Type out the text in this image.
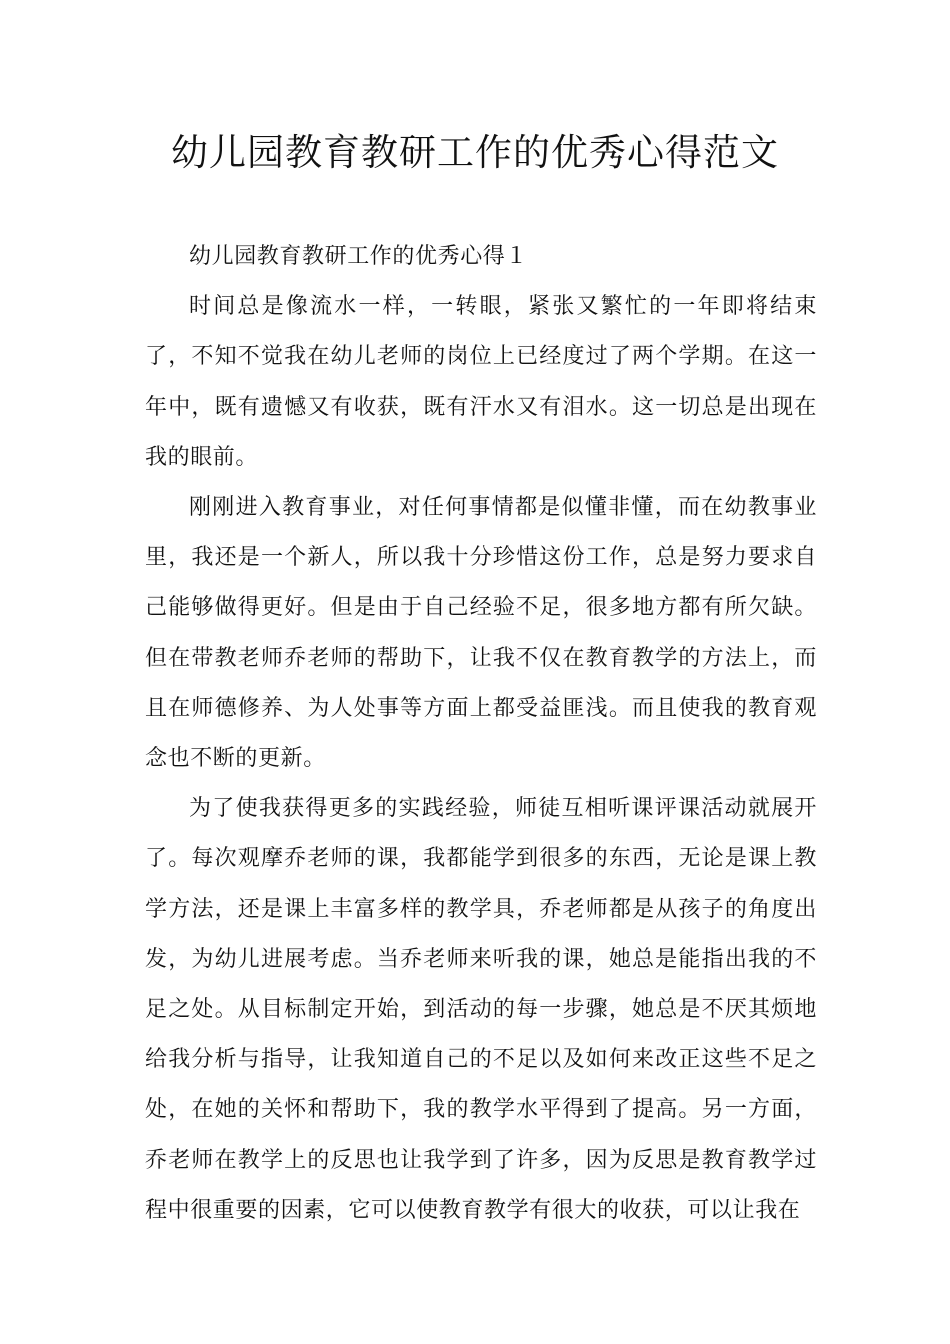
幼儿园教育教研工作的优秀心得范文

幼儿园教育教研工作的优秀心得１

时间总是像流水一样，一转眼，紧张又繁忙的一年即将结束了，不知不觉我在幼儿老师的岗位上已经度过了两个学期。在这一年中，既有遗憾又有收获，既有汗水又有泪水。这一切总是出现在我的眼前。

刚刚进入教育事业，对任何事情都是似懂非懂，而在幼教事业里，我还是一个新人，所以我十分珍惜这份工作，总是努力要求自己能够做得更好。但是由于自己经验不足，很多地方都有所欠缺。但在带教老师乔老师的帮助下，让我不仅在教育教学的方法上，而且在师德修养、为人处事等方面上都受益匪浅。而且使我的教育观念也不断的更新。

为了使我获得更多的实践经验，师徒互相听课评课活动就展开了。每次观摩乔老师的课，我都能学到很多的东西，无论是课上教学方法，还是课上丰富多样的教学具，乔老师都是从孩子的角度出发，为幼儿进展考虑。当乔老师来听我的课，她总是能指出我的不足之处。从目标制定开始，到活动的每一步骤，她总是不厌其烦地给我分析与指导，让我知道自己的不足以及如何来改正这些不足之处，在她的关怀和帮助下，我的教学水平得到了提高。另一方面，乔老师在教学上的反思也让我学到了许多，因为反思是教育教学过程中很重要的因素，它可以使教育教学有很大的收获，可以让我在
